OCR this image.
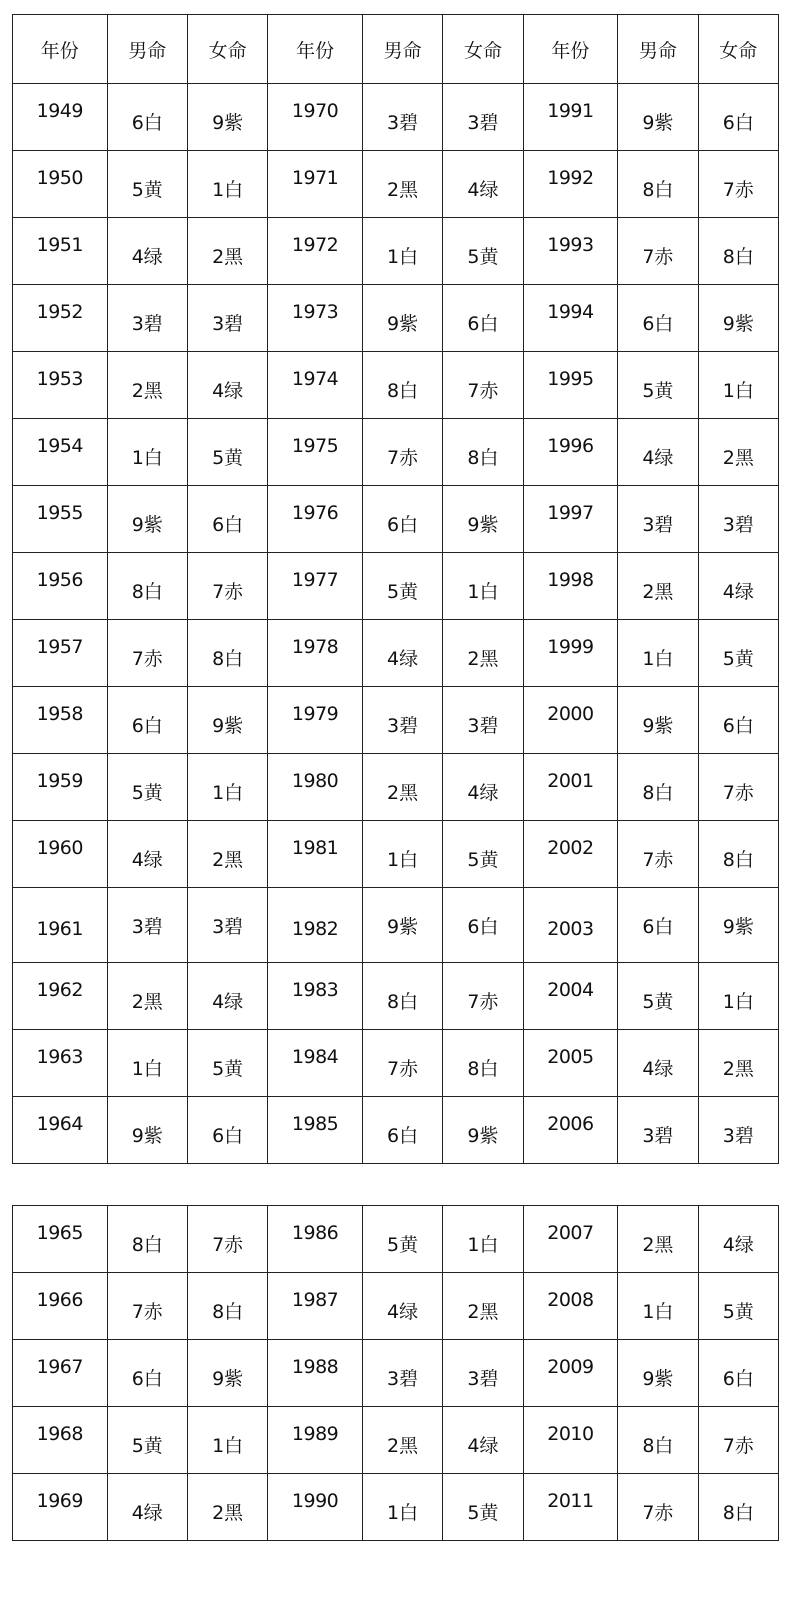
年份	男命	女命	年份	男命	女命	年份	男命	女命
1949	6白	9紫	1970	3碧	3碧	1991	9紫	6白
1950	5黄	1白	1971	2黑	4绿	1992	8白	7赤
1951	4绿	2黑	1972	1白	5黄	1993	7赤	8白
1952	3碧	3碧	1973	9紫	6白	1994	6白	9紫
1953	2黑	4绿	1974	8白	7赤	1995	5黄	1白
1954	1白	5黄	1975	7赤	8白	1996	4绿	2黑
1955	9紫	6白	1976	6白	9紫	1997	3碧	3碧
1956	8白	7赤	1977	5黄	1白	1998	2黑	4绿
1957	7赤	8白	1978	4绿	2黑	1999	1白	5黄
1958	6白	9紫	1979	3碧	3碧	2000	9紫	6白
1959	5黄	1白	1980	2黑	4绿	2001	8白	7赤
1960	4绿	2黑	1981	1白	5黄	2002	7赤	8白
1961	3碧	3碧	1982	9紫	6白	2003	6白	9紫
1962	2黑	4绿	1983	8白	7赤	2004	5黄	1白
1963	1白	5黄	1984	7赤	8白	2005	4绿	2黑
1964	9紫	6白	1985	6白	9紫	2006	3碧	3碧
1965	8白	7赤	1986	5黄	1白	2007	2黑	4绿
1966	7赤	8白	1987	4绿	2黑	2008	1白	5黄
1967	6白	9紫	1988	3碧	3碧	2009	9紫	6白
1968	5黄	1白	1989	2黑	4绿	2010	8白	7赤
1969	4绿	2黑	1990	1白	5黄	2011	7赤	8白
